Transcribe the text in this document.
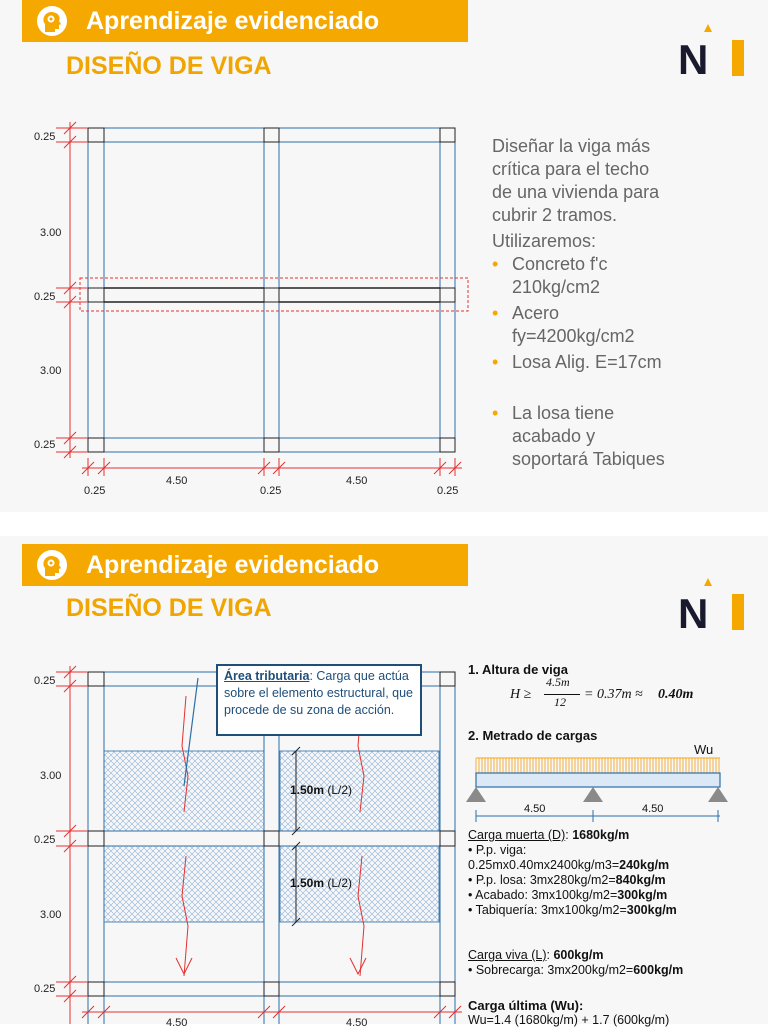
Aprendizaje evidenciado
DISEÑO DE VIGA	N
0.25
3.00
0.25
3.00
0.25
0.25
4.50
0.25
4.50
0.25
Diseñar la viga más
crítica para el techo
de una vivienda para
cubrir 2 tramos.
Utilizaremos:
• Concreto f'c
210kg/cm2
• Acero
fy=4200kg/cm2
• Losa Alig. E=17cm
• La losa tiene
acabado y
soportará Tabiques
Aprendizaje evidenciado
DISEÑO DE VIGA	N
1.50m (L/2)
1.50m (L/2)
0.25
3.00
0.25
3.00
0.25
4.50	4.50
Área tributaria: Carga que actúa sobre el elemento estructural, que procede de su zona de acción.
1. Altura de viga
H ≥
4.5m
12 = 0.37m ≈ 0.40m
2. Metrado de cargas
Wu
4.50	4.50
Carga muerta (D): 1680kg/m
• P.p. viga:
0.25mx0.40mx2400kg/m3=240kg/m
• P.p. losa: 3mx280kg/m2=840kg/m
• Acabado: 3mx100kg/m2=300kg/m
• Tabiquería: 3mx100kg/m2=300kg/m
Carga viva (L): 600kg/m
• Sobrecarga: 3mx200kg/m2=600kg/m
Carga última (Wu):
Wu=1.4 (1680kg/m) + 1.7 (600kg/m)
